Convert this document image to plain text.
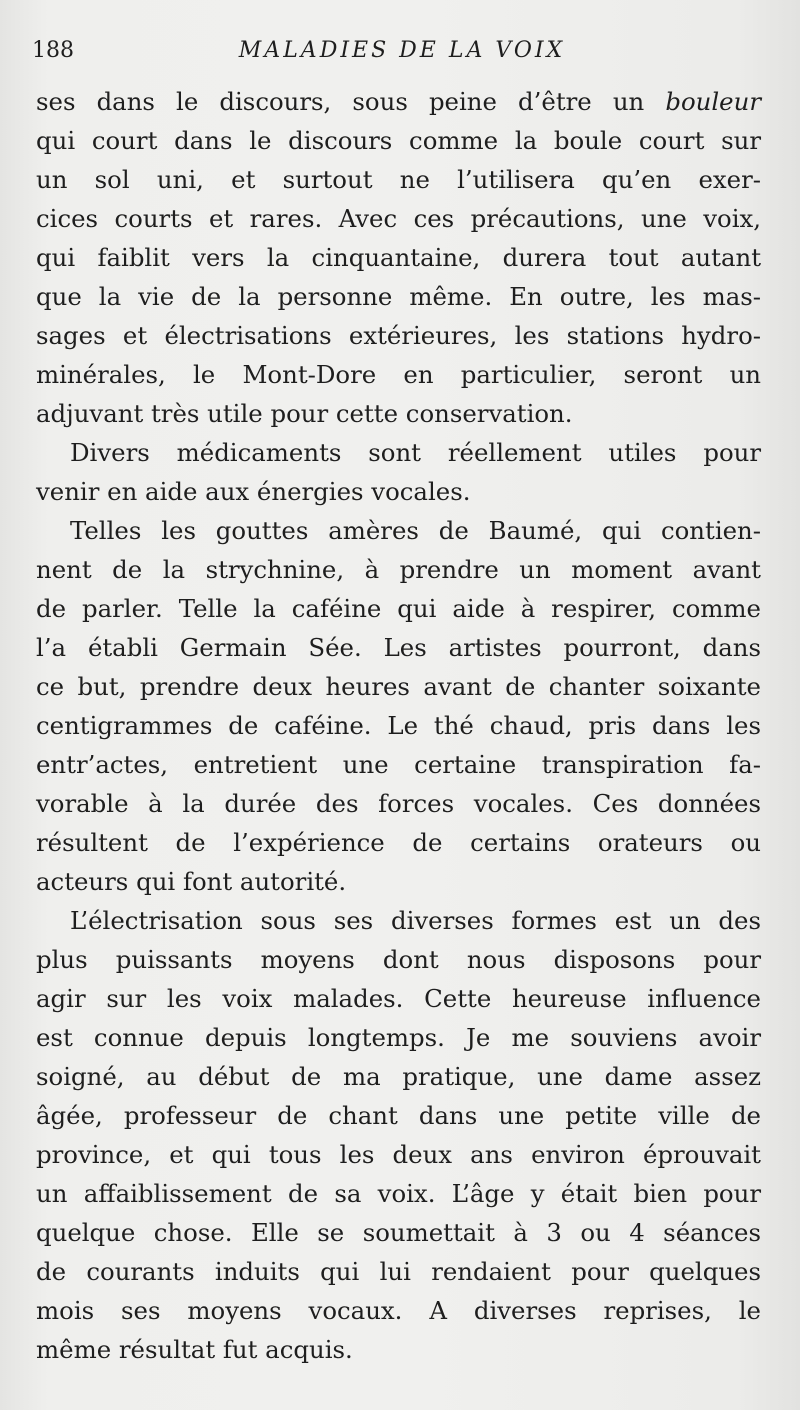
188	MALADIES DE LA VOIX
ses dans le discours, sous peine d’être un bouleur
qui court dans le discours comme la boule court sur
un sol uni, et surtout ne l’utilisera qu’en exer-
cices courts et rares. Avec ces précautions, une voix,
qui faiblit vers la cinquantaine, durera tout autant
que la vie de la personne même. En outre, les mas-
sages et électrisations extérieures, les stations hydro-
minérales, le Mont-Dore en particulier, seront un
adjuvant très utile pour cette conservation.
Divers médicaments sont réellement utiles pour
venir en aide aux énergies vocales.
Telles les gouttes amères de Baumé, qui contien-
nent de la strychnine, à prendre un moment avant
de parler. Telle la caféine qui aide à respirer, comme
l’a établi Germain Sée. Les artistes pourront, dans
ce but, prendre deux heures avant de chanter soixante
centigrammes de caféine. Le thé chaud, pris dans les
entr’actes, entretient une certaine transpiration fa-
vorable à la durée des forces vocales. Ces données
résultent de l’expérience de certains orateurs ou
acteurs qui font autorité.
L’électrisation sous ses diverses formes est un des
plus puissants moyens dont nous disposons pour
agir sur les voix malades. Cette heureuse influence
est connue depuis longtemps. Je me souviens avoir
soigné, au début de ma pratique, une dame assez
âgée, professeur de chant dans une petite ville de
province, et qui tous les deux ans environ éprouvait
un affaiblissement de sa voix. L’âge y était bien pour
quelque chose. Elle se soumettait à 3 ou 4 séances
de courants induits qui lui rendaient pour quelques
mois ses moyens vocaux. A diverses reprises, le
même résultat fut acquis.
